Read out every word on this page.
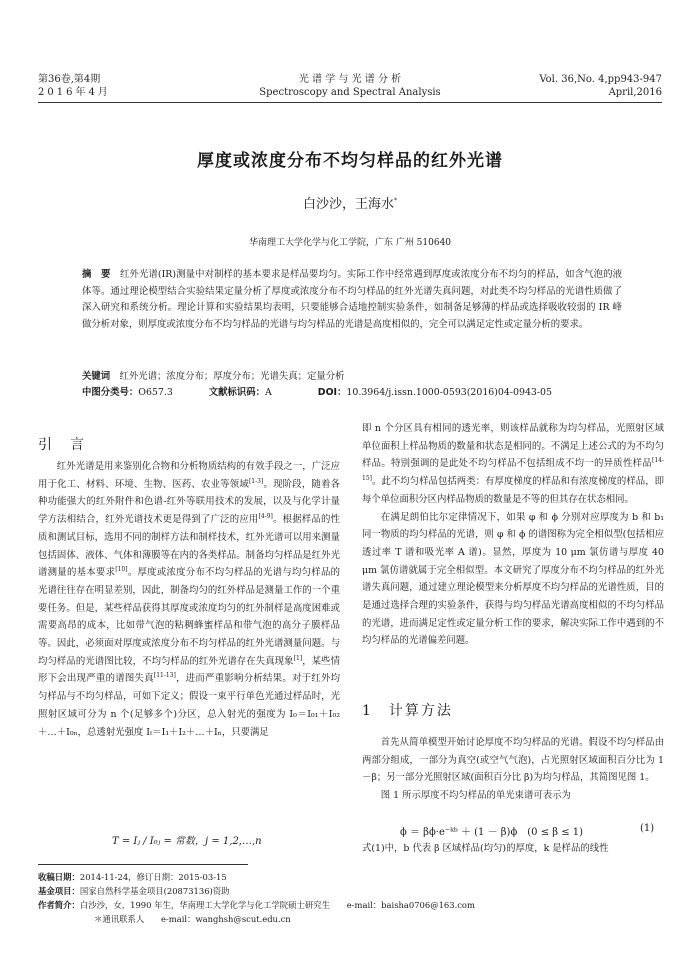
第36卷,第4期
2016年4月
光 谱 学 与 光 谱 分 析
Spectroscopy and Spectral Analysis
Vol. 36,No. 4,pp943-947
April,2016
厚度或浓度分布不均匀样品的红外光谱
白沙沙，王海水*
华南理工大学化学与化工学院，广东 广州 510640
摘　要　 红外光谱(IR)测量中对制样的基本要求是样品要均匀。实际工作中经常遇到厚度或浓度分布不均匀的样品，如含气泡的液体等。通过理论模型结合实验结果定量分析了厚度或浓度分布不均匀样品的红外光谱失真问题，对此类不均匀样品的光谱性质做了深入研究和系统分析。理论计算和实验结果均表明，只要能够合适地控制实验条件，如制备足够薄的样品或选择吸收较弱的 IR 峰做分析对象，则厚度或浓度分布不均匀样品的光谱与均匀样品的光谱是高度相似的，完全可以满足定性或定量分析的要求。
关键词　 红外光谱；浓度分布；厚度分布；光谱失真；定量分析
中图分类号：O657.3	文献标识码：A	DOI：10.3964/j.issn.1000-0593(2016)04-0943-05
引　言

红外光谱是用来鉴别化合物和分析物质结构的有效手段之一，广泛应用于化工、材料、环境、生物、医药、农业等领域[1-3]。现阶段，随着各种功能强大的红外附件和色谱-红外等联用技术的发展，以及与化学计量学方法相结合，红外光谱技术更是得到了广泛的应用[4-9]。根据样品的性质和测试目标，选用不同的制样方法和制样技术，红外光谱可以用来测量包括固体、液体、气体和薄膜等在内的各类样品。制备均匀样品是红外光谱测量的基本要求[10]。厚度或浓度分布不均匀样品的光谱与均匀样品的光谱往往存在明显差别，因此，制备均匀的红外样品是测量工作的一个重要任务。但是，某些样品获得其厚度或浓度均匀的红外制样是高度困难或需要高昂的成本，比如带气泡的粘稠蜂蜜样品和带气泡的高分子膜样品等。因此，必须面对厚度或浓度分布不均匀样品的红外光谱测量问题。与均匀样品的光谱图比较，不均匀样品的红外光谱存在失真现象[1]，某些情形下会出现严重的谱图失真[11-13]，进而严重影响分析结果。对于红外均匀样品与不均匀样品，可如下定义；假设一束平行单色光通过样品时，光照射区域可分为 n 个(足够多个)分区，总入射光的强度为 I₀＝I₀₁＋I₀₂＋…＋I₀ₙ，总透射光强度 Iₜ＝I₁＋I₂＋…＋Iₙ，只要满足

T = Iⱼ / I₀ⱼ = 常数，j = 1,2,…,n

即 n 个分区具有相同的透光率，则该样品就称为均匀样品，光照射区域单位面积上样品物质的数量和状态是相同的。不满足上述公式的为不均匀样品。特别强调的是此处不均匀样品不包括组成不均一的异质性样品[14-15]。此不均匀样品包括两类：有厚度梯度的样品和有浓度梯度的样品，即每个单位面积分区内样品物质的数量是不等的但其存在状态相同。

在满足朗伯比尔定律情况下，如果 φ 和 ϕ 分别对应厚度为 b 和 b₁ 同一物质的均匀样品的光谱，则 φ 和 ϕ 的谱图称为完全相似型(包括相应透过率 T 谱和吸光率 A 谱)。显然，厚度为 10 μm 氯仿谱与厚度 40 μm 氯仿谱就属于完全相似型。本文研究了厚度分布不均匀样品的红外光谱失真问题，通过建立理论模型来分析厚度不均匀样品的光谱性质，目的是通过选择合理的实验条件，获得与均匀样品光谱高度相似的不均匀样品的光谱，进而满足定性或定量分析工作的要求，解决实际工作中遇到的不均匀样品的光谱偏差问题。

1　 计算方法

首先从简单模型开始讨论厚度不均匀样品的光谱。假设不均匀样品由两部分组成，一部分为真空(或空气气泡)，占光照射区域面积百分比为 1－β；另一部分光照射区域(面积百分比 β)为均匀样品，其简图见图 1。

图 1 所示厚度不均匀样品的单光束谱可表示为

ϕ ＝ βϕ·e⁻ᵏᵇ ＋ (1 － β)ϕ　(0 ≤ β ≤ 1)	(1)

式(1)中，b 代表 β 区域样品(均匀)的厚度，k 是样品的线性

收稿日期：2014-11-24，修订日期：2015-03-15
基金项目：国家自然科学基金项目(20873136)资助
作者简介：白沙沙，女，1990 年生，华南理工大学化学与化工学院硕士研究生　　e-mail：baisha0706@163.com
＊通讯联系人　　e-mail：wanghsh@scut.edu.cn
